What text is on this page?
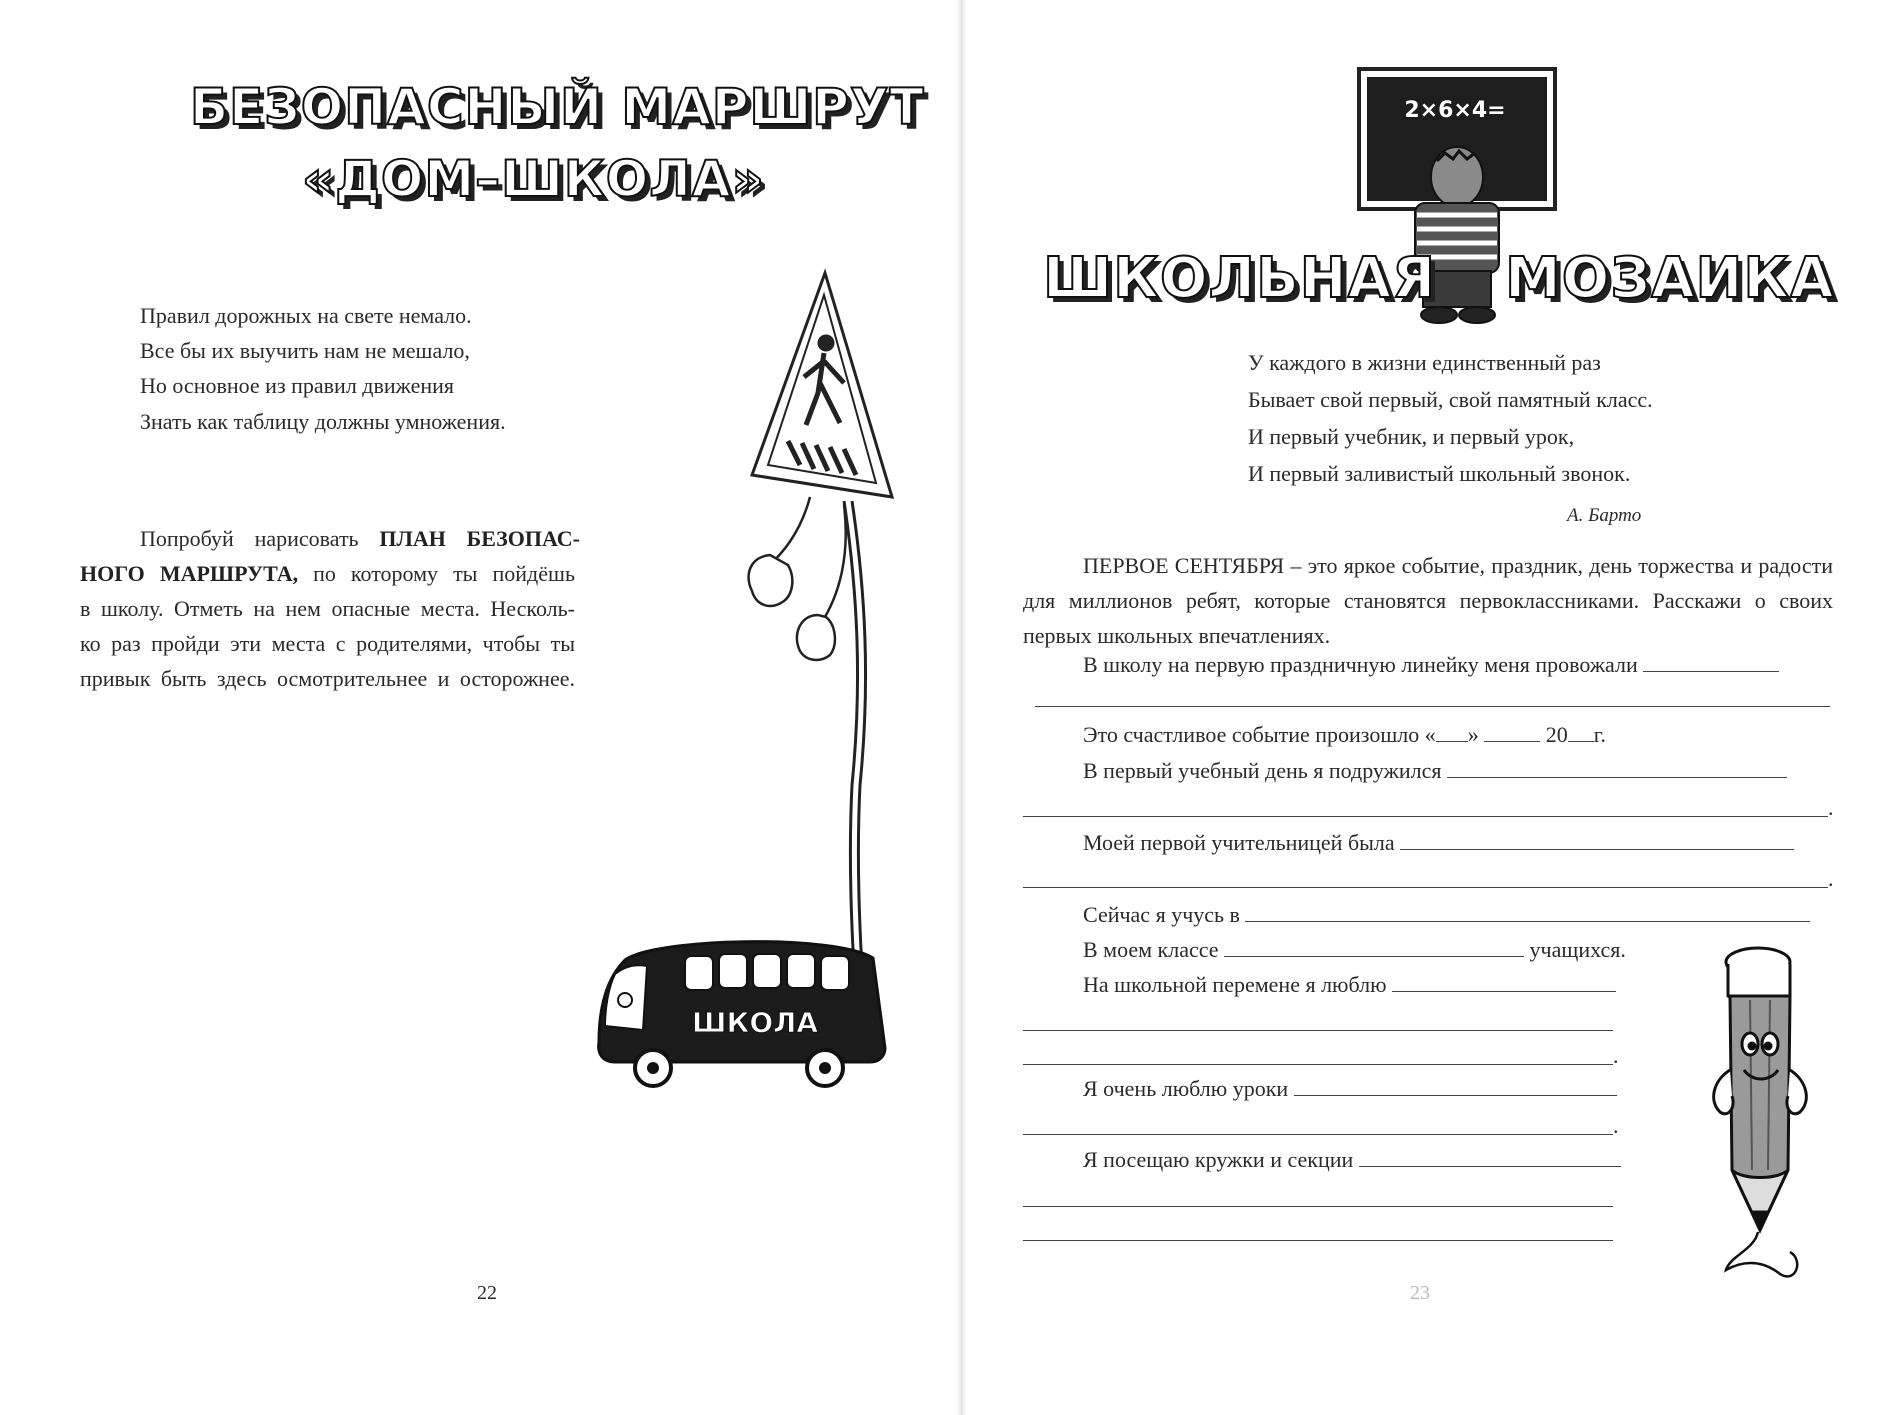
БЕЗОПАСНЫЙ МАРШРУТ
«ДОМ–ШКОЛА»
Правил дорожных на свете немало.
Все бы их выучить нам не мешало,
Но основное из правил движения
Знать как таблицу должны умножения.
Попробуй нарисовать ПЛАН БЕЗОПАС-
НОГО МАРШРУТА, по которому ты пойдёшь
в школу. Отметь на нем опасные места. Несколь-
ко раз пройди эти места с родителями, чтобы ты
привык быть здесь осмотрительнее и осторожнее.
ШКОЛА
22
2×6×4=
ШКОЛЬНАЯ МОЗАИКА
У каждого в жизни единственный раз
Бывает свой первый, свой памятный класс.
И первый учебник, и первый урок,
И первый заливистый школьный звонок.
А. Барто
ПЕРВОЕ СЕНТЯБРЯ – это яркое событие, праздник, день торжества и радости для миллионов ребят, которые становятся первоклассниками. Расскажи о своих первых школьных впечатлениях.
В школу на первую праздничную линейку меня провожали
Это счастливое событие произошло « »	20 г.
В первый учебный день я подружился
.
Моей первой учительницей была
.
Сейчас я учусь в
В моем классе	учащихся.
На школьной перемене я люблю
.
Я очень люблю уроки
.
Я посещаю кружки и секции
23
